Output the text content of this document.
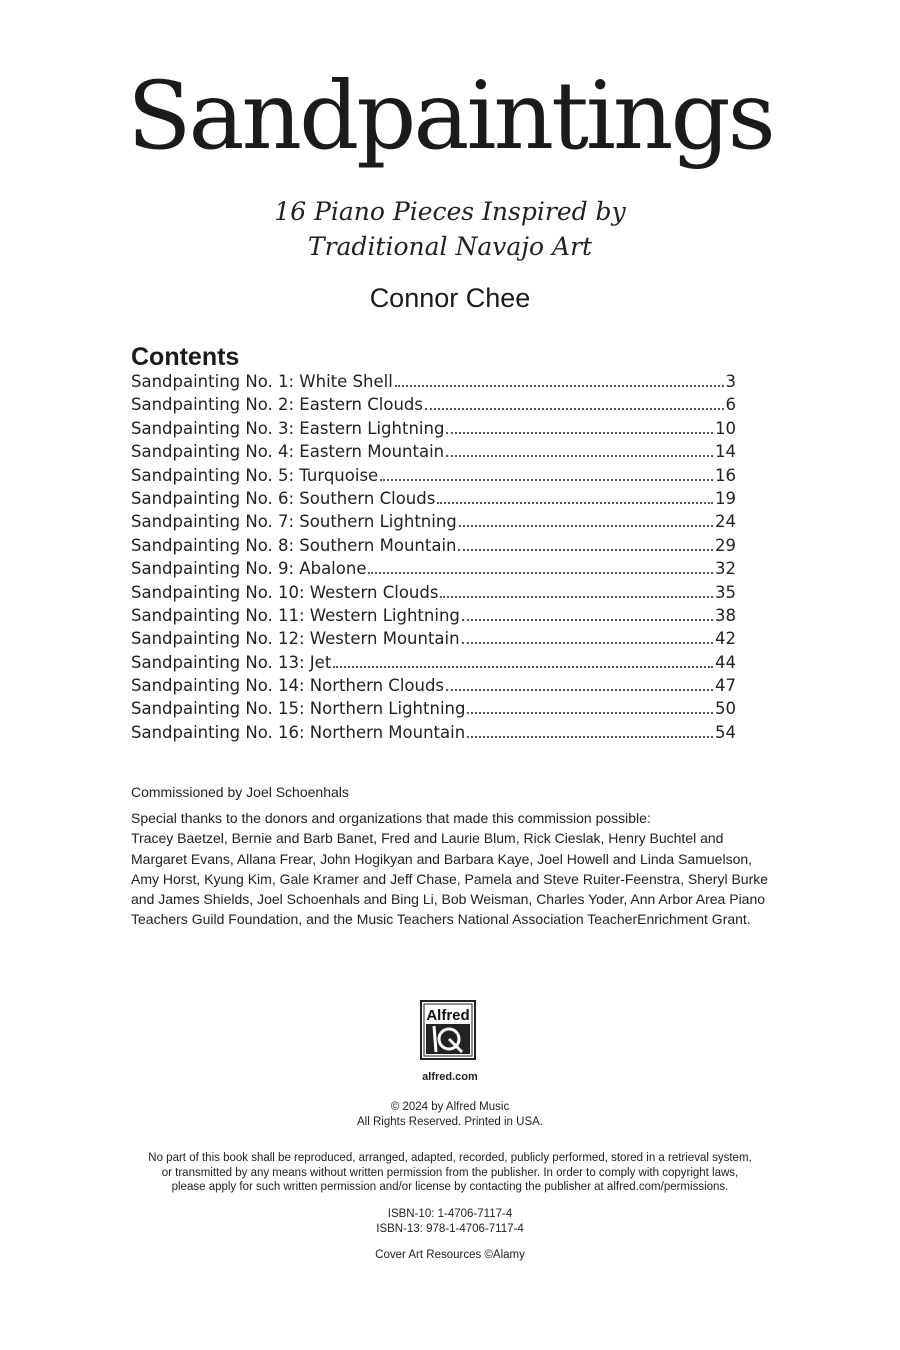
Sandpaintings
16 Piano Pieces Inspired by
Traditional Navajo Art
Connor Chee
Contents
Sandpainting No. 1: White Shell	3
Sandpainting No. 2: Eastern Clouds	6
Sandpainting No. 3: Eastern Lightning	10
Sandpainting No. 4: Eastern Mountain	14
Sandpainting No. 5: Turquoise	16
Sandpainting No. 6: Southern Clouds	19
Sandpainting No. 7: Southern Lightning	24
Sandpainting No. 8: Southern Mountain	29
Sandpainting No. 9: Abalone	32
Sandpainting No. 10: Western Clouds	35
Sandpainting No. 11: Western Lightning	38
Sandpainting No. 12: Western Mountain	42
Sandpainting No. 13: Jet	44
Sandpainting No. 14: Northern Clouds	47
Sandpainting No. 15: Northern Lightning	50
Sandpainting No. 16: Northern Mountain	54
Commissioned by Joel Schoenhals
Special thanks to the donors and organizations that made this commission possible:
Tracey Baetzel, Bernie and Barb Banet, Fred and Laurie Blum, Rick Cieslak, Henry Buchtel and
Margaret Evans, Allana Frear, John Hogikyan and Barbara Kaye, Joel Howell and Linda Samuelson,
Amy Horst, Kyung Kim, Gale Kramer and Jeff Chase, Pamela and Steve Ruiter-Feenstra, Sheryl Burke
and James Shields, Joel Schoenhals and Bing Li, Bob Weisman, Charles Yoder, Ann Arbor Area Piano
Teachers Guild Foundation, and the Music Teachers National Association TeacherEnrichment Grant.
Alfred
alfred.com
© 2024 by Alfred Music
All Rights Reserved. Printed in USA.
No part of this book shall be reproduced, arranged, adapted, recorded, publicly performed, stored in a retrieval system,
or transmitted by any means without written permission from the publisher. In order to comply with copyright laws,
please apply for such written permission and/or license by contacting the publisher at alfred.com/permissions.
ISBN-10: 1-4706-7117-4
ISBN-13: 978-1-4706-7117-4
Cover Art Resources ©Alamy
